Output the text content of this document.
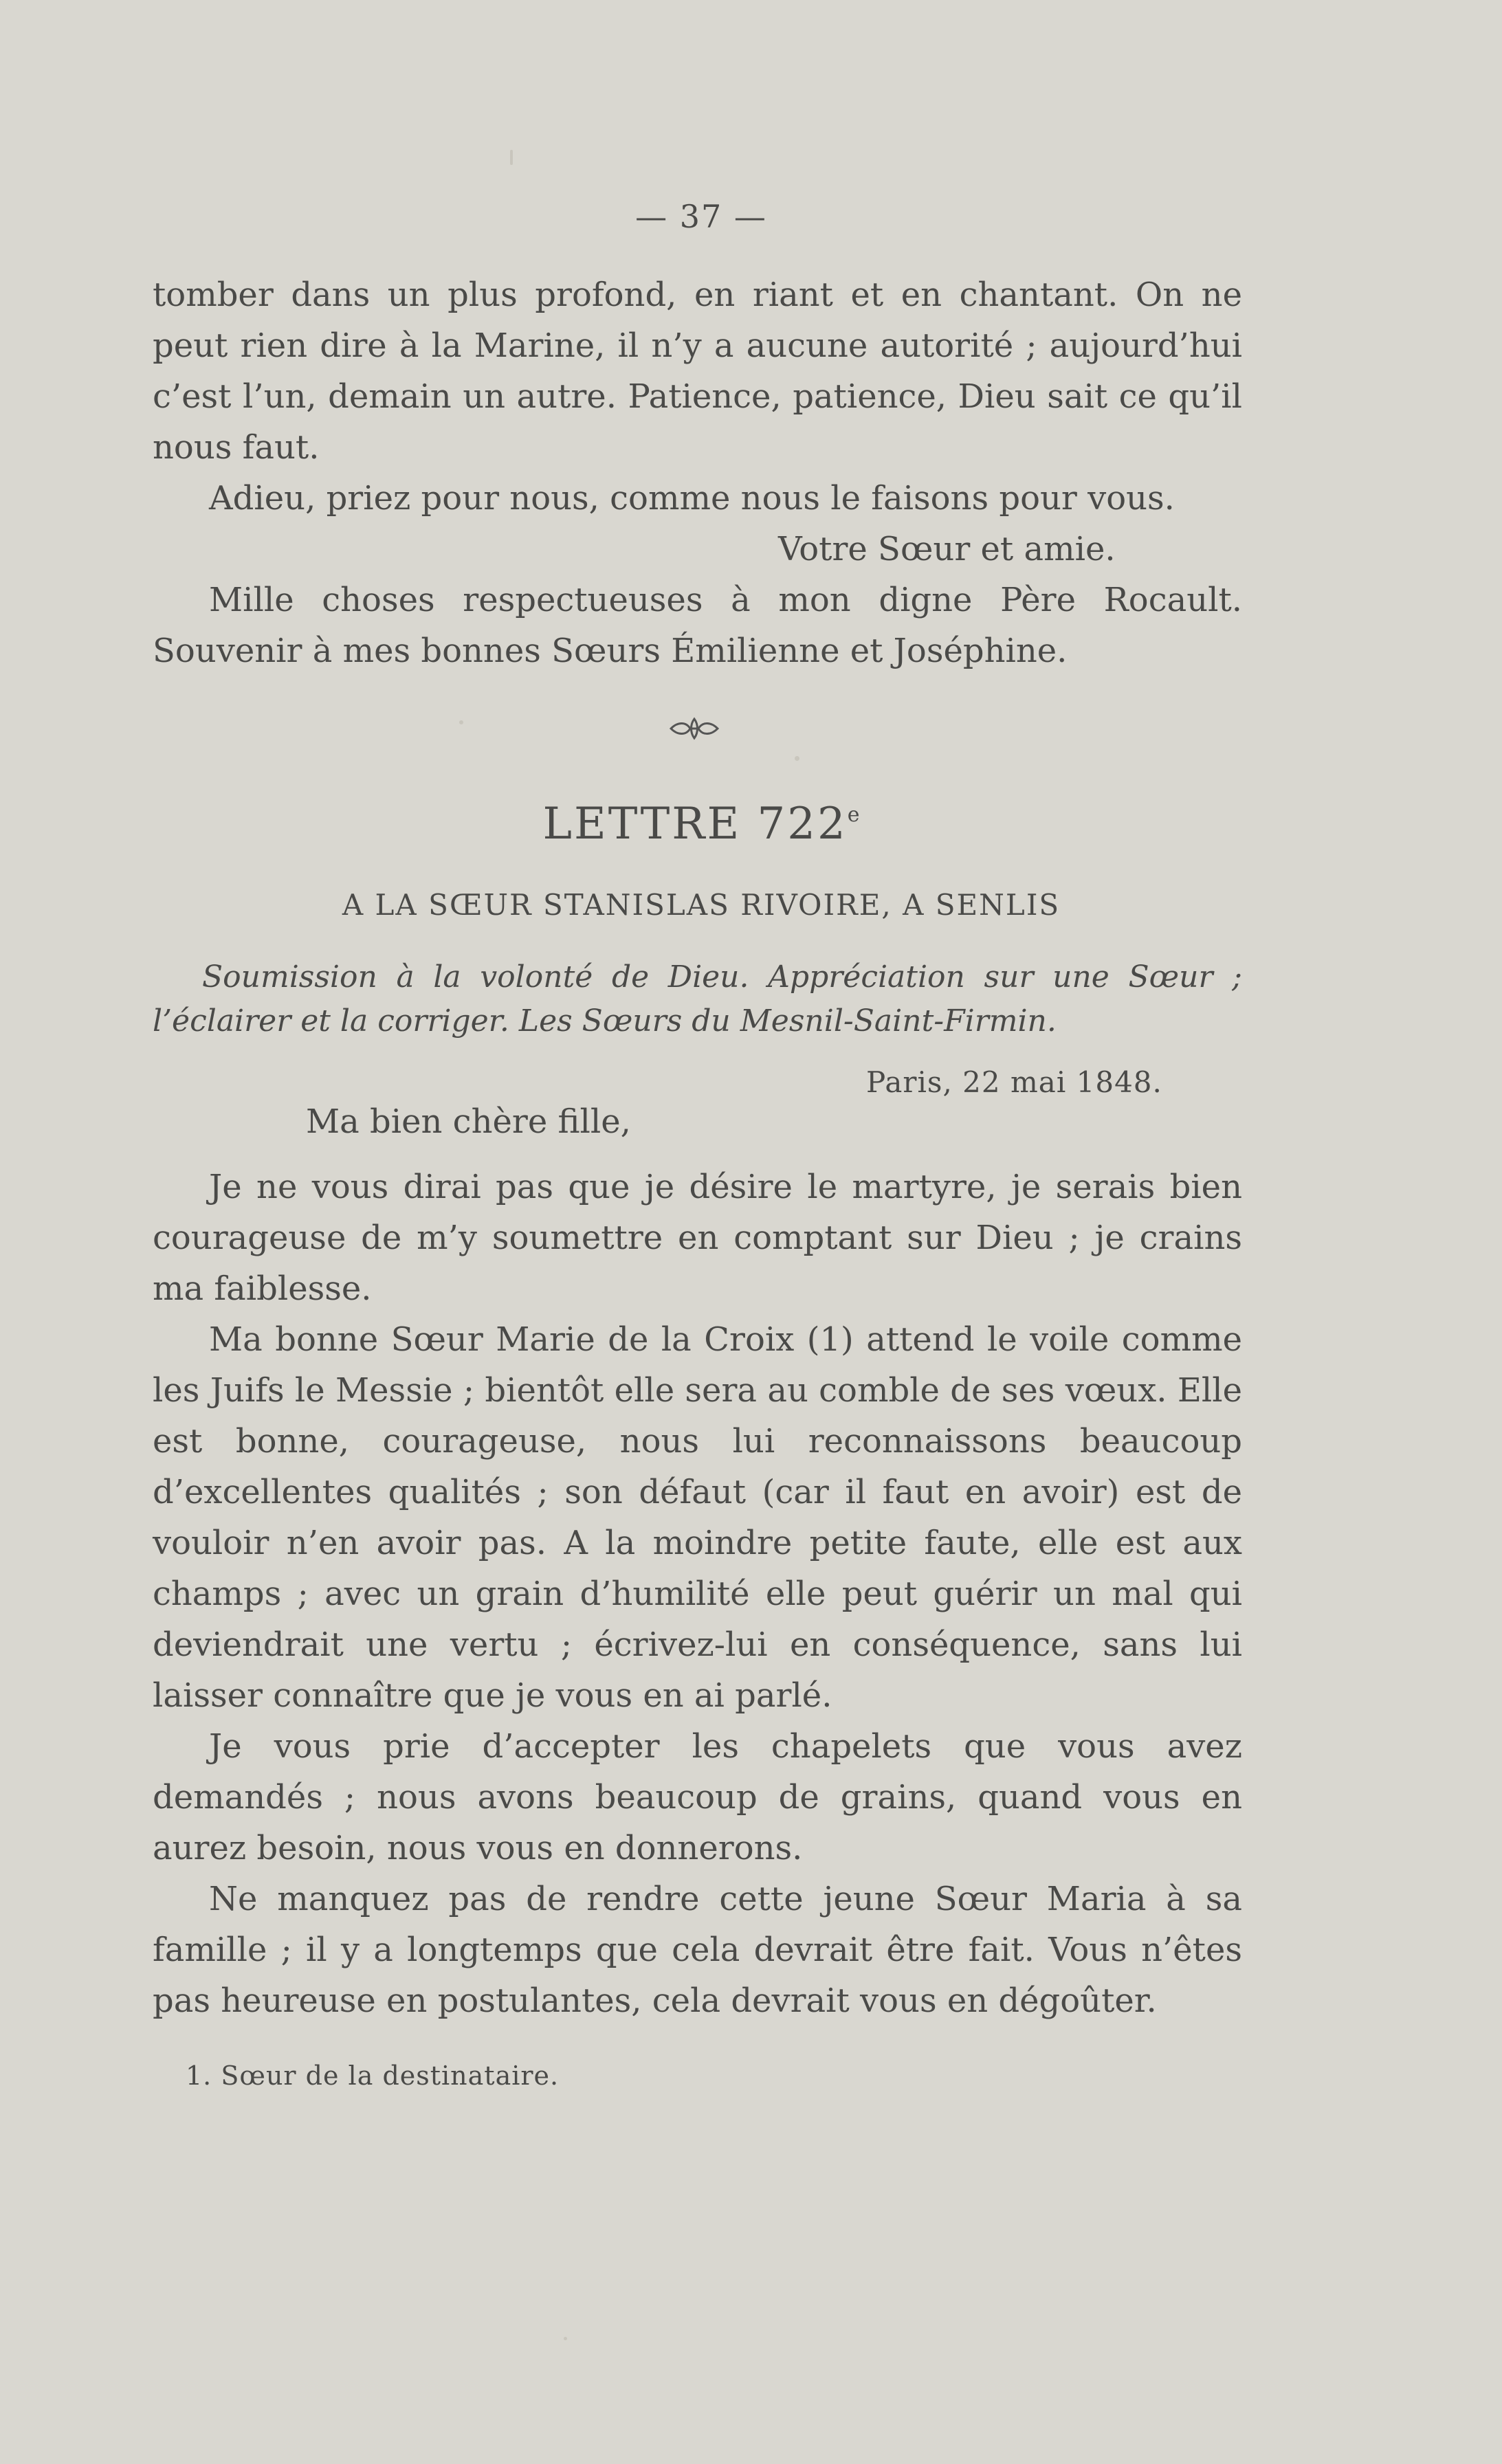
— 37 —

tomber dans un plus profond, en riant et en chantant. On ne peut rien dire à la Marine, il n’y a aucune autorité ; aujourd’hui c’est l’un, demain un autre. Patience, patience, Dieu sait ce qu’il nous faut.

Adieu, priez pour nous, comme nous le faisons pour vous.

Votre Sœur et amie.

Mille choses respectueuses à mon digne Père Rocault. Souvenir à mes bonnes Sœurs Émilienne et Joséphine.

LETTRE 722e
A LA SŒUR STANISLAS RIVOIRE, A SENLIS

Soumission à la volonté de Dieu. Appréciation sur une Sœur ; l’éclairer et la corriger. Les Sœurs du Mesnil-Saint-Firmin.

Paris, 22 mai 1848.
Ma bien chère fille,

Je ne vous dirai pas que je désire le martyre, je serais bien courageuse de m’y soumettre en comptant sur Dieu ; je crains ma faiblesse.

Ma bonne Sœur Marie de la Croix (1) attend le voile comme les Juifs le Messie ; bientôt elle sera au comble de ses vœux. Elle est bonne, courageuse, nous lui reconnaissons beaucoup d’excellentes qualités ; son défaut (car il faut en avoir) est de vouloir n’en avoir pas. A la moindre petite faute, elle est aux champs ; avec un grain d’humilité elle peut guérir un mal qui deviendrait une vertu ; écrivez-lui en conséquence, sans lui laisser connaître que je vous en ai parlé.

Je vous prie d’accepter les chapelets que vous avez demandés ; nous avons beaucoup de grains, quand vous en aurez besoin, nous vous en donnerons.

Ne manquez pas de rendre cette jeune Sœur Maria à sa famille ; il y a longtemps que cela devrait être fait. Vous n’êtes pas heureuse en postulantes, cela devrait vous en dégoûter.

1. Sœur de la destinataire.
